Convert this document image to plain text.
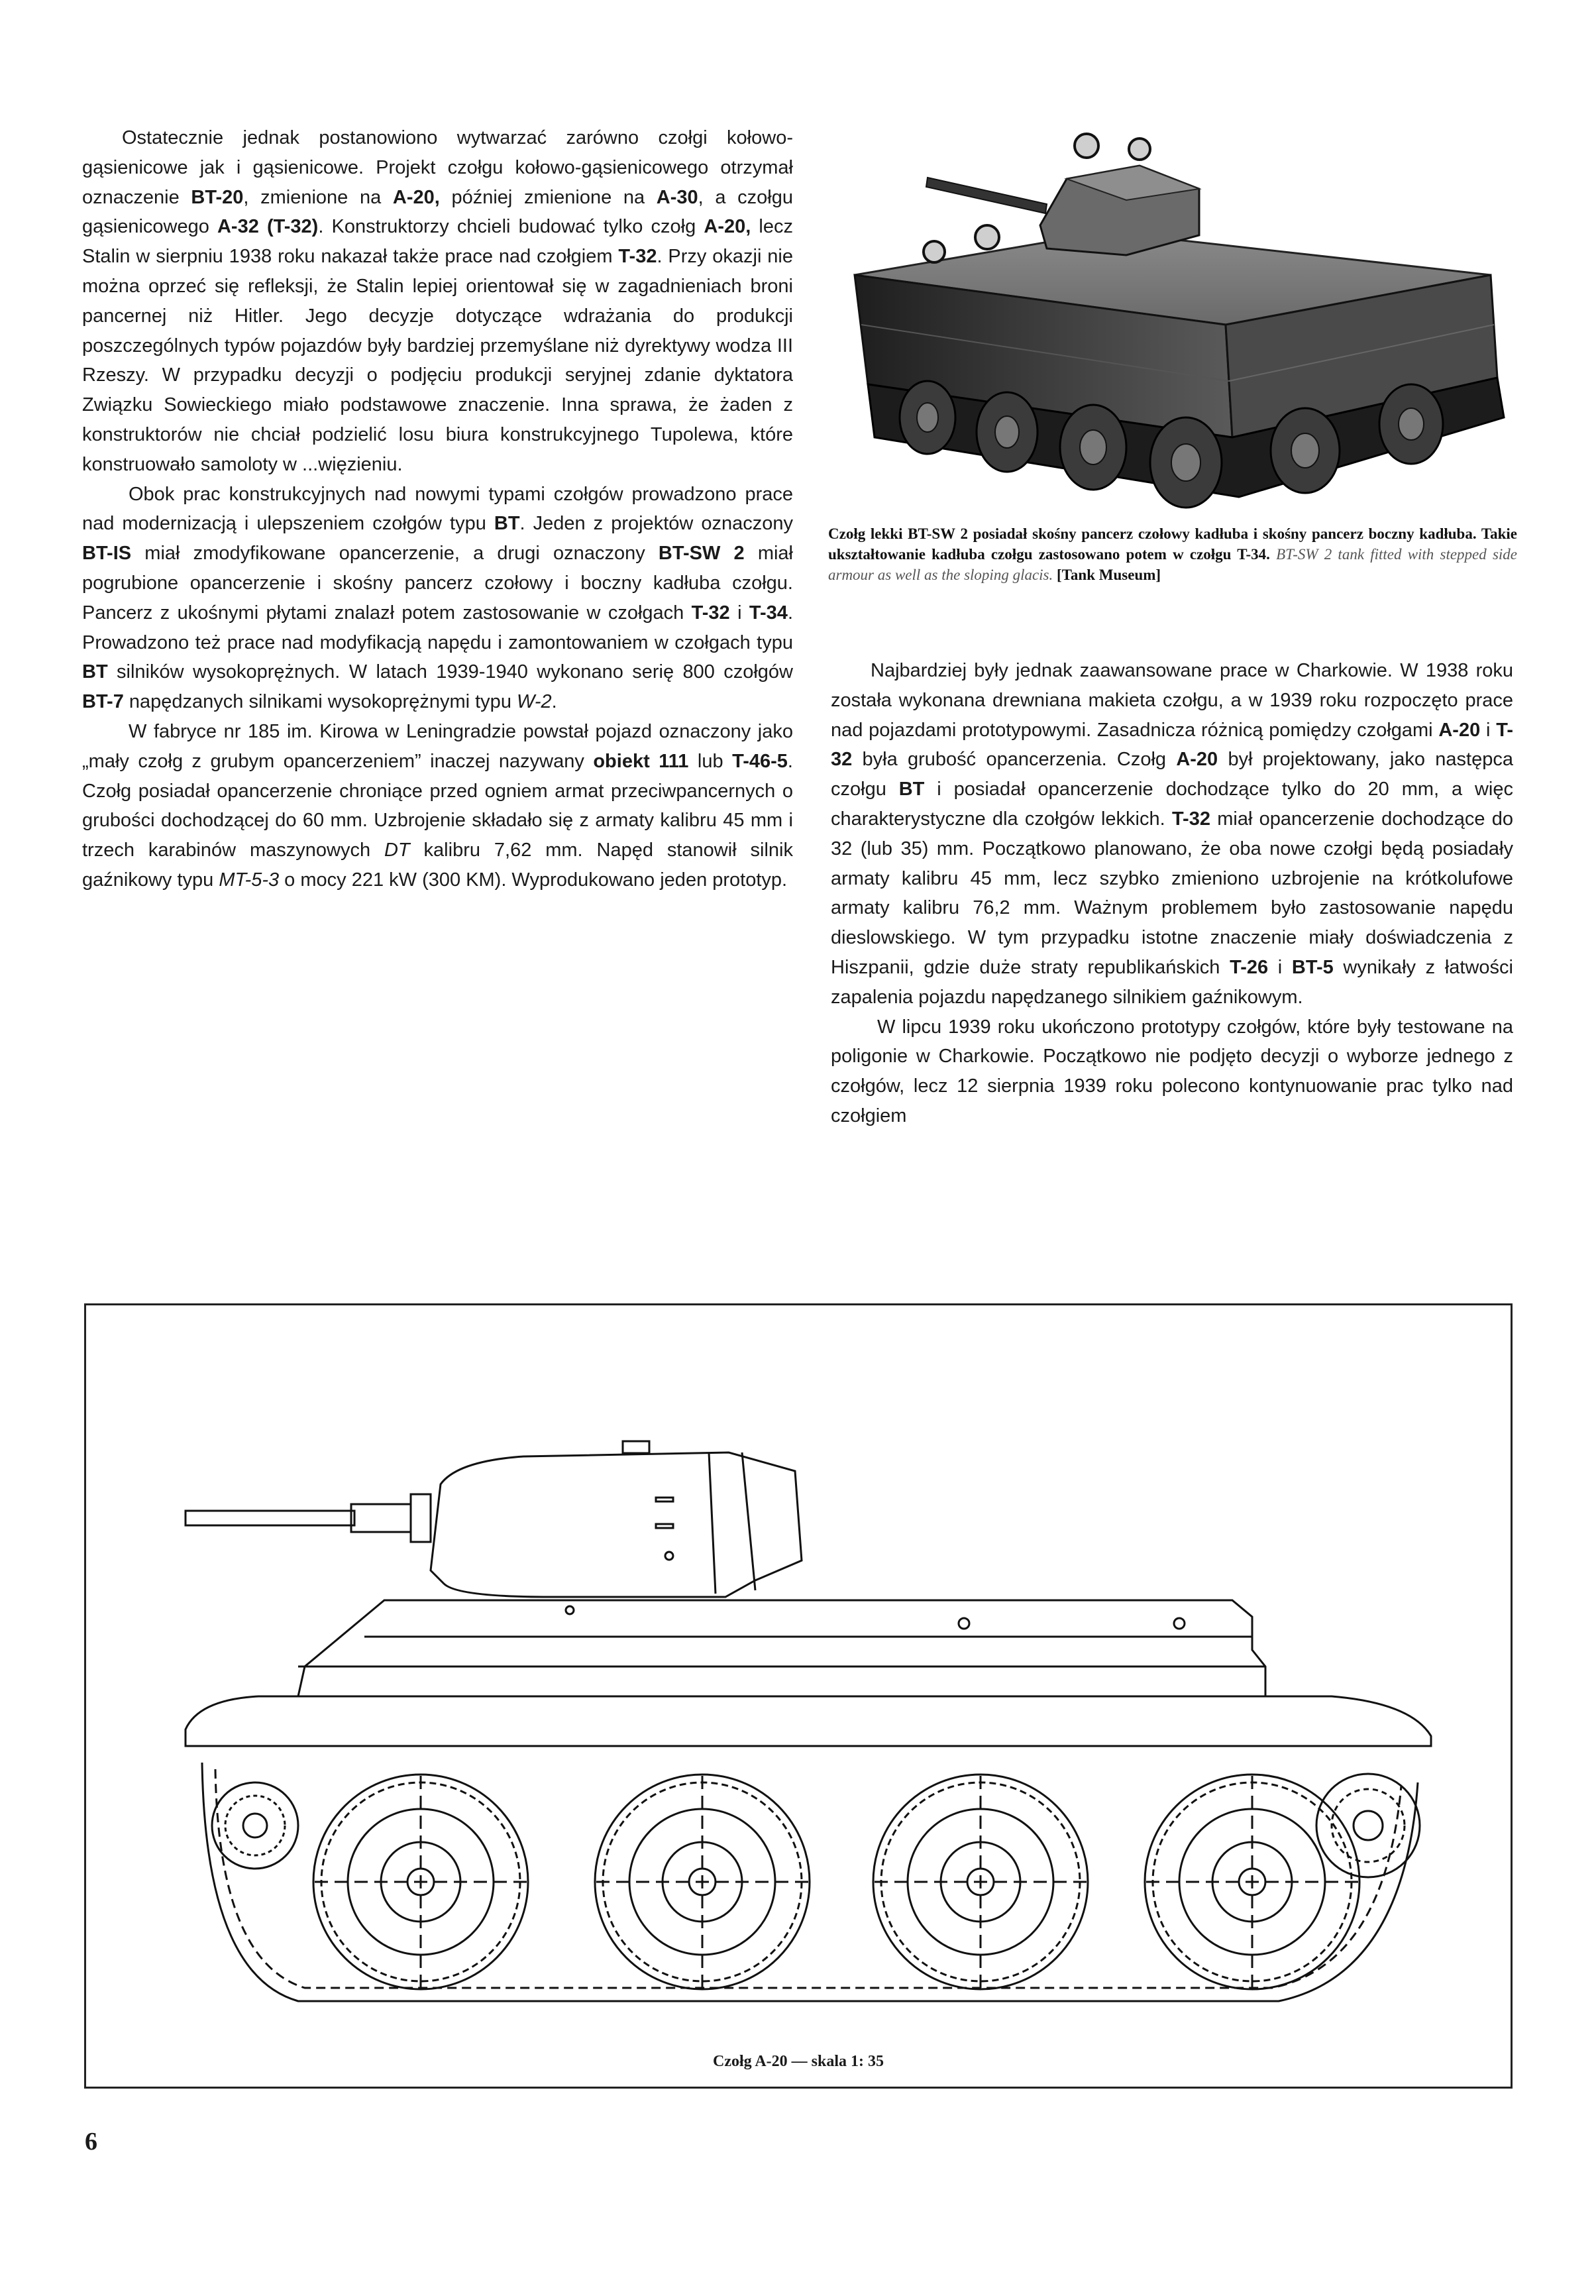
Ostatecznie jednak postanowiono wytwarzać zarówno czołgi kołowo-gąsienicowe jak i gąsienicowe. Projekt czołgu kołowo-gąsienicowego otrzymał oznaczenie BT-20, zmienione na A-20, później zmienione na A-30, a czołgu gąsienicowego A-32 (T-32). Konstruktorzy chcieli budować tylko czołg A-20, lecz Stalin w sierpniu 1938 roku nakazał także prace nad czołgiem T-32. Przy okazji nie można oprzeć się refleksji, że Stalin lepiej orientował się w zagadnieniach broni pancernej niż Hitler. Jego decyzje dotyczące wdrażania do produkcji poszczególnych typów pojazdów były bardziej przemyślane niż dyrektywy wodza III Rzeszy. W przypadku decyzji o podjęciu produkcji seryjnej zdanie dyktatora Związku Sowieckiego miało podstawowe znaczenie. Inna sprawa, że żaden z konstruktorów nie chciał podzielić losu biura konstrukcyjnego Tupolewa, które konstruowało samoloty w ...więzieniu.

Obok prac konstrukcyjnych nad nowymi typami czołgów prowadzono prace nad modernizacją i ulepszeniem czołgów typu BT. Jeden z projektów oznaczony BT-IS miał zmodyfikowane opancerzenie, a drugi oznaczony BT-SW 2 miał pogrubione opancerzenie i skośny pancerz czołowy i boczny kadłuba czołgu. Pancerz z ukośnymi płytami znalazł potem zastosowanie w czołgach T-32 i T-34. Prowadzono też prace nad modyfikacją napędu i zamontowaniem w czołgach typu BT silników wysokoprężnych. W latach 1939-1940 wykonano serię 800 czołgów BT-7 napędzanych silnikami wysokoprężnymi typu W-2.

W fabryce nr 185 im. Kirowa w Leningradzie powstał pojazd oznaczony jako „mały czołg z grubym opancerzeniem” inaczej nazywany obiekt 111 lub T-46-5. Czołg posiadał opancerzenie chroniące przed ogniem armat przeciwpancernych o grubości dochodzącej do 60 mm. Uzbrojenie składało się z armaty kalibru 45 mm i trzech karabinów maszynowych DT kalibru 7,62 mm. Napęd stanowił silnik gaźnikowy typu MT-5-3 o mocy 221 kW (300 KM). Wyprodukowano jeden prototyp.

Czołg lekki BT-SW 2 posiadał skośny pancerz czołowy kadłuba i skośny pancerz boczny kadłuba. Takie ukształtowanie kadłuba czołgu zastosowano potem w czołgu T-34. BT-SW 2 tank fitted with stepped side armour as well as the sloping glacis. [Tank Museum]

Najbardziej były jednak zaawansowane prace w Charkowie. W 1938 roku została wykonana drewniana makieta czołgu, a w 1939 roku rozpoczęto prace nad pojazdami prototypowymi. Zasadnicza różnicą pomiędzy czołgami A-20 i T-32 była grubość opancerzenia. Czołg A-20 był projektowany, jako następca czołgu BT i posiadał opancerzenie dochodzące tylko do 20 mm, a więc charakterystyczne dla czołgów lekkich. T-32 miał opancerzenie dochodzące do 32 (lub 35) mm. Początkowo planowano, że oba nowe czołgi będą posiadały armaty kalibru 45 mm, lecz szybko zmieniono uzbrojenie na krótkolufowe armaty kalibru 76,2 mm. Ważnym problemem było zastosowanie napędu dieslowskiego. W tym przypadku istotne znaczenie miały doświadczenia z Hiszpanii, gdzie duże straty republikańskich T-26 i BT-5 wynikały z łatwości zapalenia pojazdu napędzanego silnikiem gaźnikowym.

W lipcu 1939 roku ukończono prototypy czołgów, które były testowane na poligonie w Charkowie. Początkowo nie podjęto decyzji o wyborze jednego z czołgów, lecz 12 sierpnia 1939 roku polecono kontynuowanie prac tylko nad czołgiem

Czołg A-20 — skala 1: 35
6
